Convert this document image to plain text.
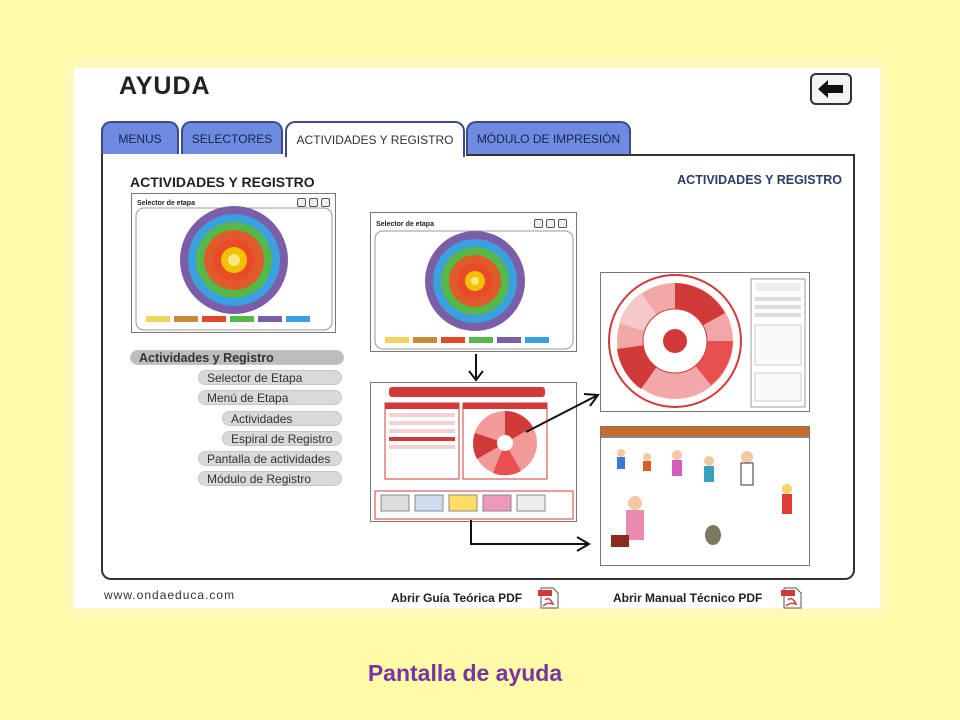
AYUDA
MENUS	SELECTORES	ACTIVIDADES Y REGISTRO	MÓDULO DE IMPRESIÓN
ACTIVIDADES Y REGISTRO	ACTIVIDADES Y REGISTRO
Selector de etapa
Actividades y Registro
Selector de Etapa
Menú de Etapa
Actividades
Espiral de Registro
Pantalla de actividades
Módulo de Registro
Selector de etapa
www.ondaeduca.com	Abrir Guía Teórica PDF	Abrir Manual Técnico PDF
Pantalla de ayuda
